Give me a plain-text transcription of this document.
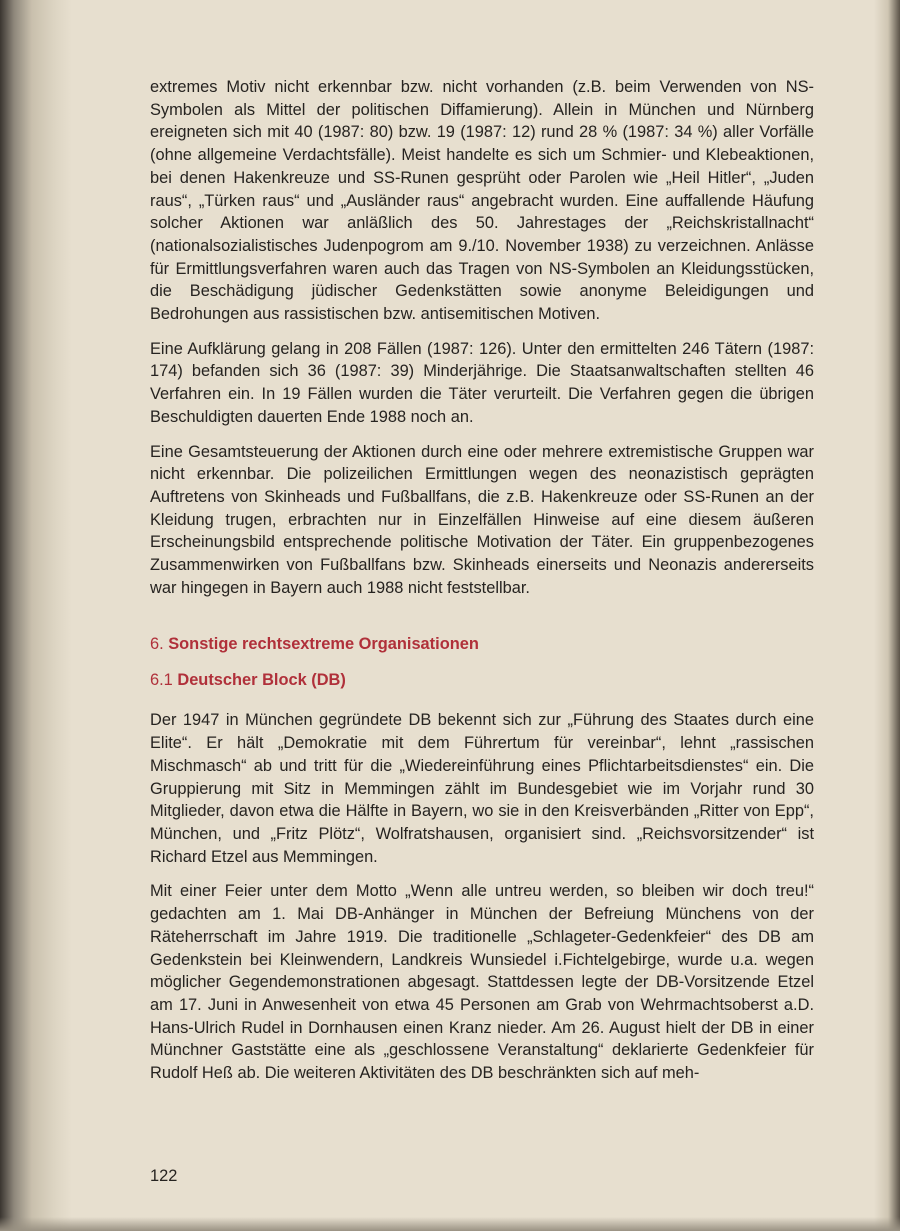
extremes Motiv nicht erkennbar bzw. nicht vorhanden (z.B. beim Verwenden von NS-Symbolen als Mittel der politischen Diffamierung). Allein in München und Nürnberg ereigneten sich mit 40 (1987: 80) bzw. 19 (1987: 12) rund 28 % (1987: 34 %) aller Vorfälle (ohne allgemeine Verdachtsfälle). Meist handelte es sich um Schmier- und Klebeaktionen, bei denen Hakenkreuze und SS-Runen gesprüht oder Parolen wie „Heil Hitler“, „Juden raus“, „Türken raus“ und „Ausländer raus“ angebracht wurden. Eine auffallende Häufung solcher Aktionen war anläßlich des 50. Jahrestages der „Reichskristallnacht“ (nationalsozialistisches Judenpogrom am 9./10. November 1938) zu verzeichnen. Anlässe für Ermittlungsverfahren waren auch das Tragen von NS-Symbolen an Kleidungsstücken, die Beschädigung jüdischer Gedenkstätten sowie anonyme Beleidigungen und Bedrohungen aus rassistischen bzw. antisemitischen Motiven.

Eine Aufklärung gelang in 208 Fällen (1987: 126). Unter den ermittelten 246 Tätern (1987: 174) befanden sich 36 (1987: 39) Minderjährige. Die Staatsanwaltschaften stellten 46 Verfahren ein. In 19 Fällen wurden die Täter verurteilt. Die Verfahren gegen die übrigen Beschuldigten dauerten Ende 1988 noch an.

Eine Gesamtsteuerung der Aktionen durch eine oder mehrere extremistische Gruppen war nicht erkennbar. Die polizeilichen Ermittlungen wegen des neonazistisch geprägten Auftretens von Skinheads und Fußballfans, die z.B. Hakenkreuze oder SS-Runen an der Kleidung trugen, erbrachten nur in Einzelfällen Hinweise auf eine diesem äußeren Erscheinungsbild entsprechende politische Motivation der Täter. Ein gruppenbezogenes Zusammenwirken von Fußballfans bzw. Skinheads einerseits und Neonazis andererseits war hingegen in Bayern auch 1988 nicht feststellbar.

6. Sonstige rechtsextreme Organisationen
6.1 Deutscher Block (DB)

Der 1947 in München gegründete DB bekennt sich zur „Führung des Staates durch eine Elite“. Er hält „Demokratie mit dem Führertum für vereinbar“, lehnt „rassischen Mischmasch“ ab und tritt für die „Wiedereinführung eines Pflichtarbeitsdienstes“ ein. Die Gruppierung mit Sitz in Memmingen zählt im Bundesgebiet wie im Vorjahr rund 30 Mitglieder, davon etwa die Hälfte in Bayern, wo sie in den Kreisverbänden „Ritter von Epp“, München, und „Fritz Plötz“, Wolfratshausen, organisiert sind. „Reichsvorsitzender“ ist Richard Etzel aus Memmingen.

Mit einer Feier unter dem Motto „Wenn alle untreu werden, so bleiben wir doch treu!“ gedachten am 1. Mai DB-Anhänger in München der Befreiung Münchens von der Räteherrschaft im Jahre 1919. Die traditionelle „Schlageter-Gedenkfeier“ des DB am Gedenkstein bei Kleinwendern, Landkreis Wunsiedel i.Fichtelgebirge, wurde u.a. wegen möglicher Gegendemonstrationen abgesagt. Stattdessen legte der DB-Vorsitzende Etzel am 17. Juni in Anwesenheit von etwa 45 Personen am Grab von Wehrmachtsoberst a.D. Hans-Ulrich Rudel in Dornhausen einen Kranz nieder. Am 26. August hielt der DB in einer Münchner Gaststätte eine als „geschlossene Veranstaltung“ deklarierte Gedenkfeier für Rudolf Heß ab. Die weiteren Aktivitäten des DB beschränkten sich auf meh-

122
